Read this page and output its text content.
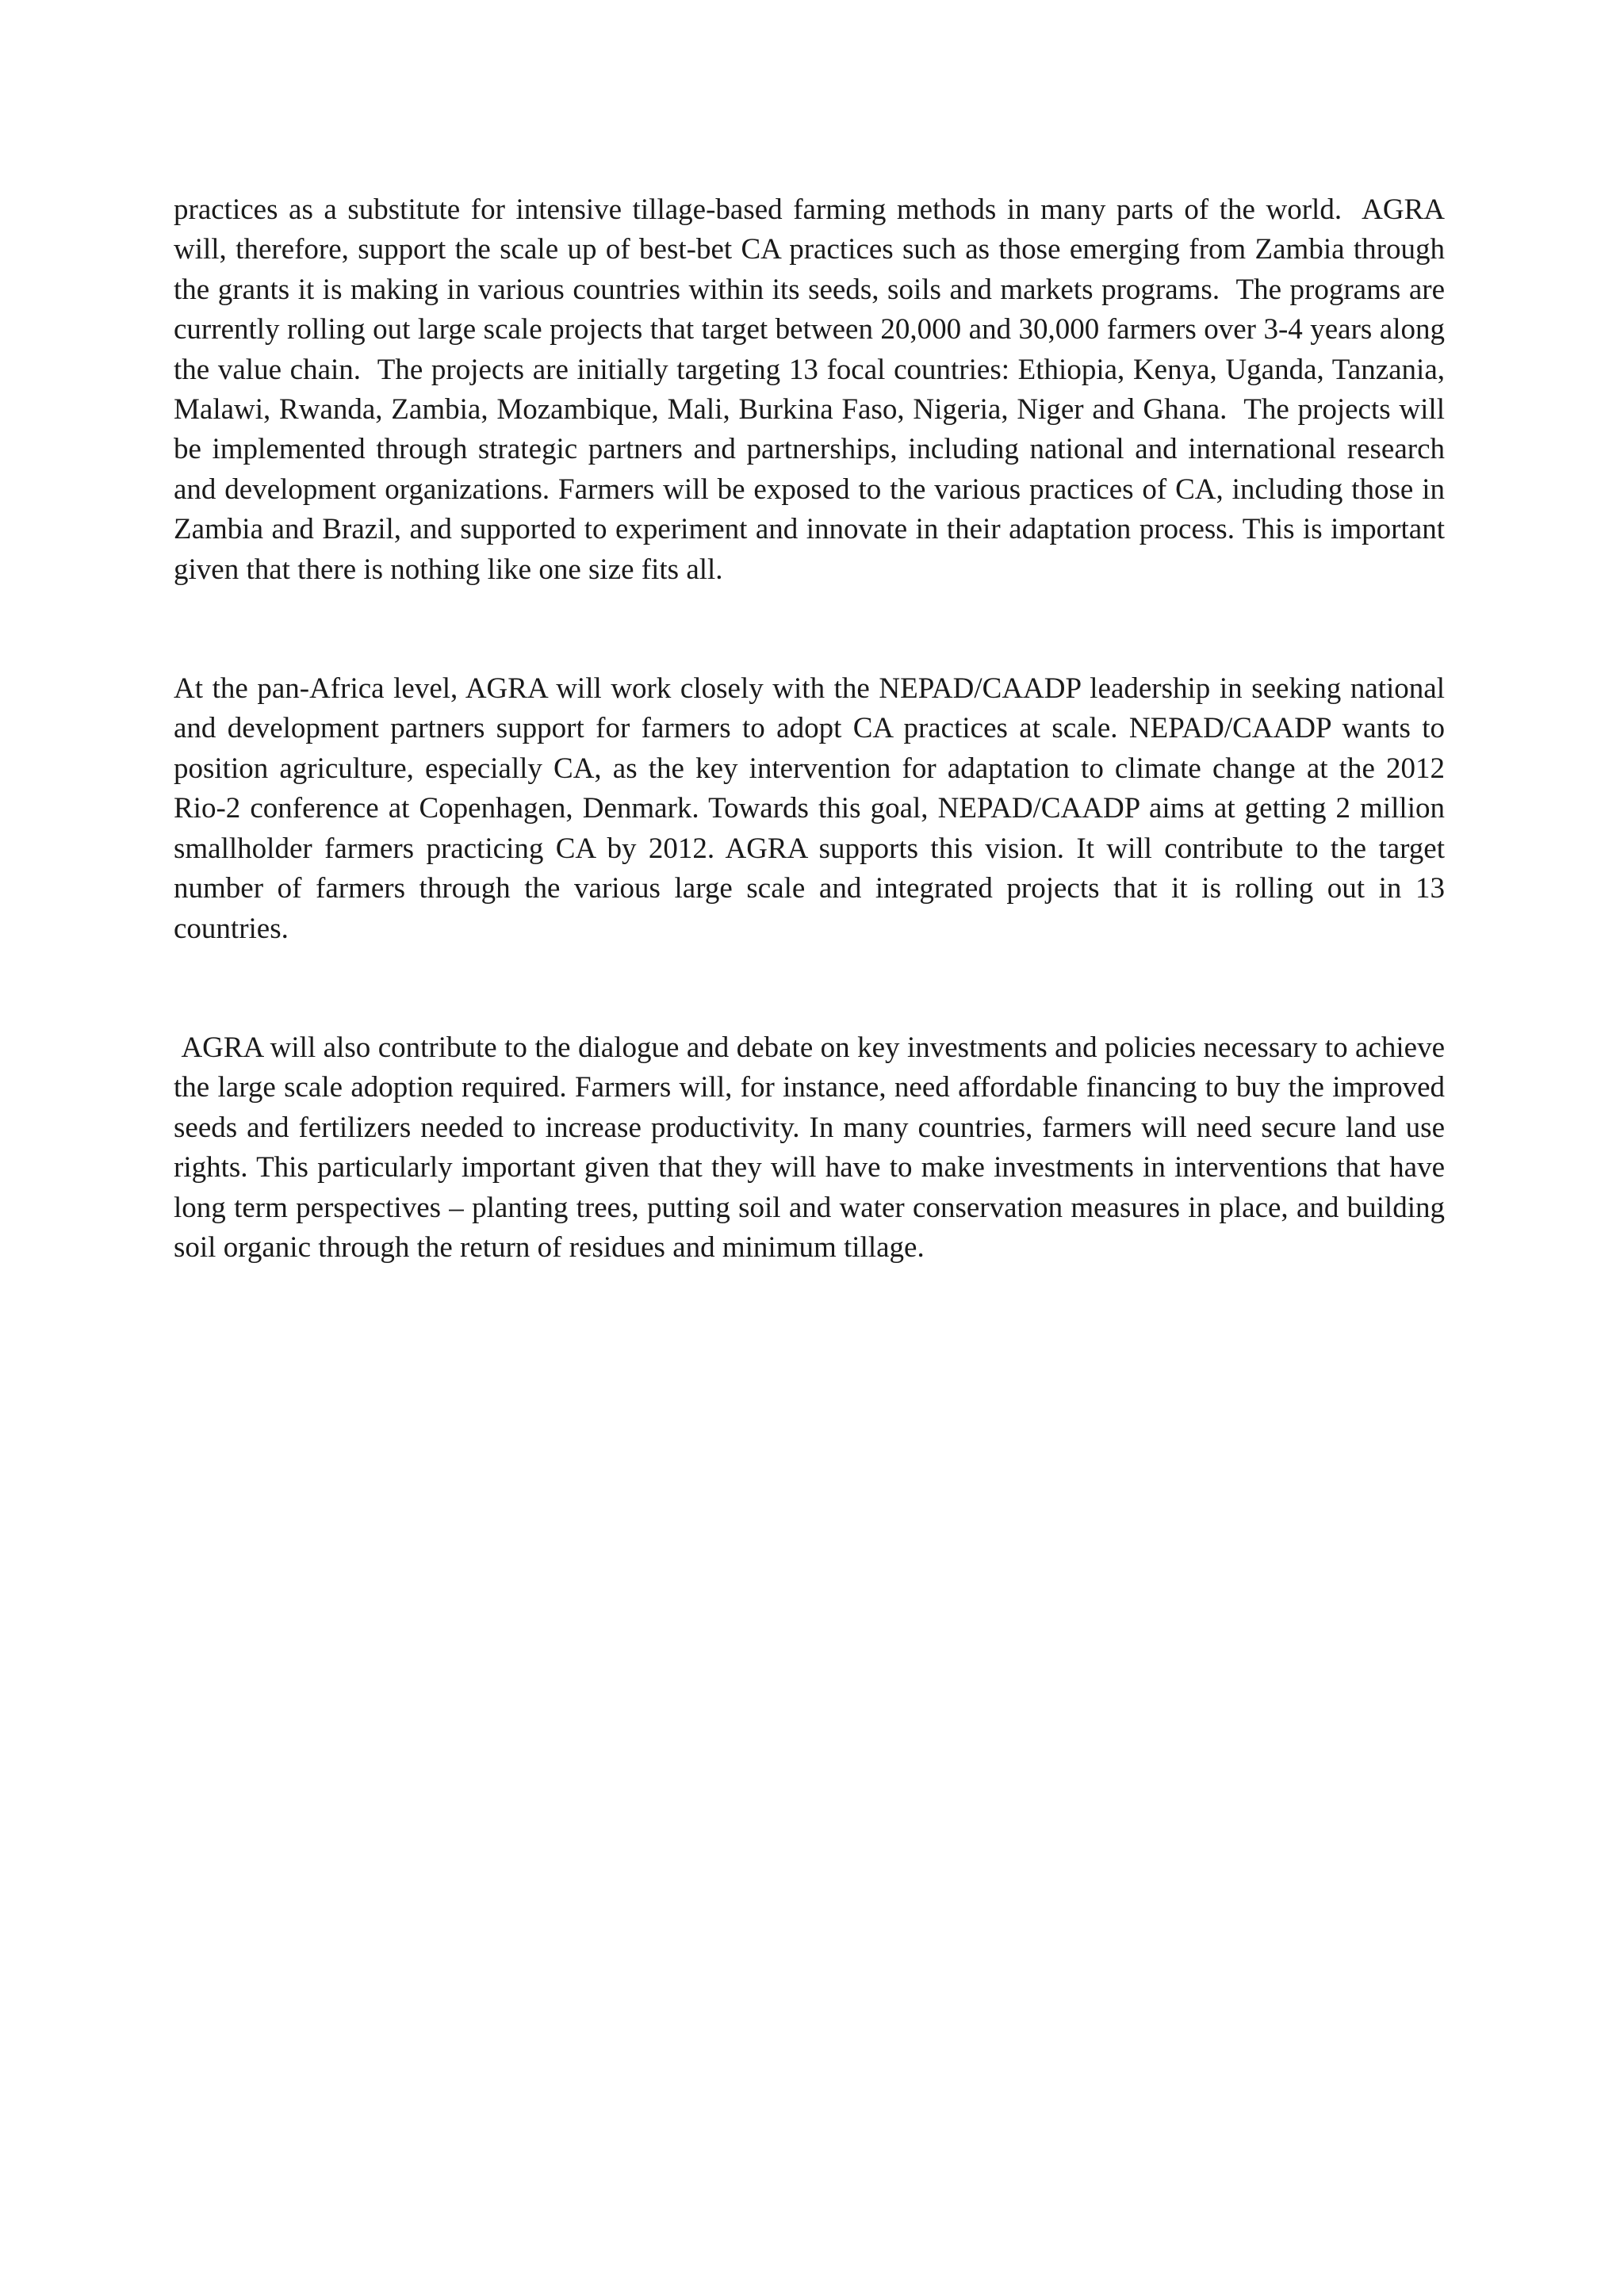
practices as a substitute for intensive tillage-based farming methods in many parts of the world.  AGRA will, therefore, support the scale up of best-bet CA practices such as those emerging from Zambia through the grants it is making in various countries within its seeds, soils and markets programs.  The programs are currently rolling out large scale projects that target between 20,000 and 30,000 farmers over 3-4 years along the value chain.  The projects are initially targeting 13 focal countries: Ethiopia, Kenya, Uganda, Tanzania, Malawi, Rwanda, Zambia, Mozambique, Mali, Burkina Faso, Nigeria, Niger and Ghana.  The projects will be implemented through strategic partners and partnerships, including national and international research and development organizations. Farmers will be exposed to the various practices of CA, including those in Zambia and Brazil, and supported to experiment and innovate in their adaptation process. This is important given that there is nothing like one size fits all.

At the pan-Africa level, AGRA will work closely with the NEPAD/CAADP leadership in seeking national and development partners support for farmers to adopt CA practices at scale. NEPAD/CAADP wants to position agriculture, especially CA, as the key intervention for adaptation to climate change at the 2012 Rio-2 conference at Copenhagen, Denmark. Towards this goal, NEPAD/CAADP aims at getting 2 million smallholder farmers practicing CA by 2012. AGRA supports this vision. It will contribute to the target number of farmers through the various large scale and integrated projects that it is rolling out in 13 countries.

AGRA will also contribute to the dialogue and debate on key investments and policies necessary to achieve the large scale adoption required. Farmers will, for instance, need affordable financing to buy the improved seeds and fertilizers needed to increase productivity. In many countries, farmers will need secure land use rights. This particularly important given that they will have to make investments in interventions that have long term perspectives – planting trees, putting soil and water conservation measures in place, and building soil organic through the return of residues and minimum tillage.
